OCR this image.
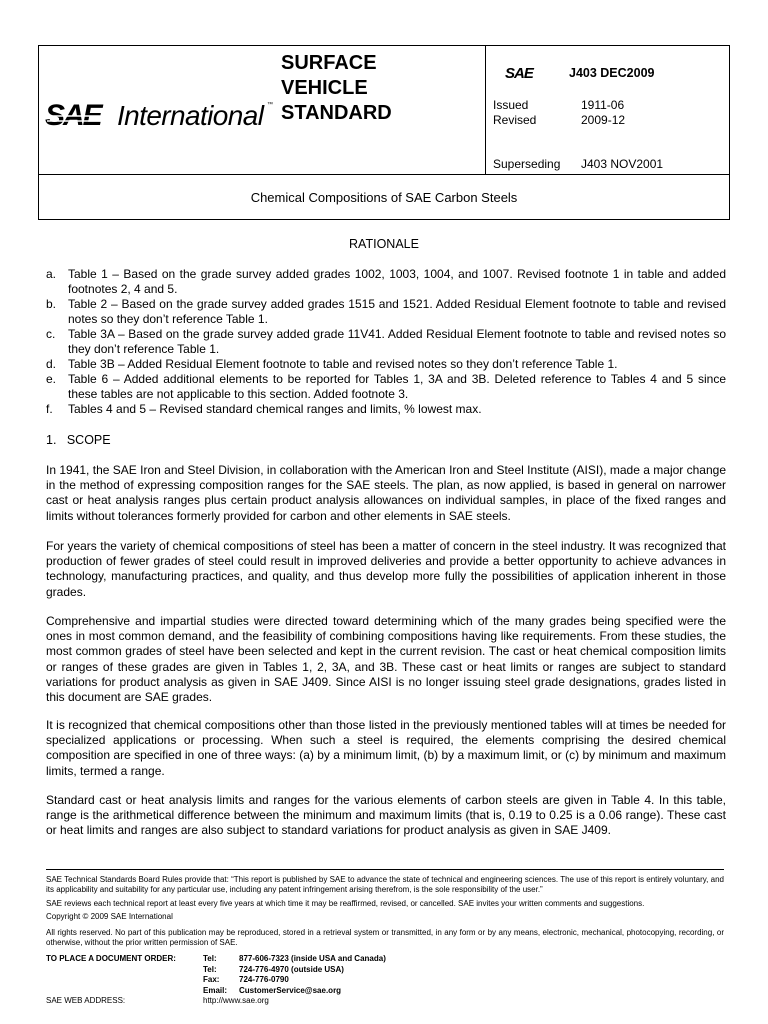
SAE International ™
SURFACE
VEHICLE
STANDARD
SAE	J403 DEC2009
Issued	1911-06
Revised	2009-12
Superseding J403 NOV2001
Chemical Compositions of SAE Carbon Steels
RATIONALE
a. Table 1 – Based on the grade survey added grades 1002, 1003, 1004, and 1007. Revised footnote 1 in table and added footnotes 2, 4 and 5.
b. Table 2 – Based on the grade survey added grades 1515 and 1521. Added Residual Element footnote to table and revised notes so they don’t reference Table 1.
c.	Table 3A – Based on the grade survey added grade 11V41. Added Residual Element footnote to table and revised notes so they don’t reference Table 1.
d. Table 3B – Added Residual Element footnote to table and revised notes so they don’t reference Table 1.
e. Table 6 – Added additional elements to be reported for Tables 1, 3A and 3B. Deleted reference to Tables 4 and 5 since these tables are not applicable to this section. Added footnote 3.
f.	Tables 4 and 5 – Revised standard chemical ranges and limits, % lowest max.
1.   SCOPE
In 1941, the SAE Iron and Steel Division, in collaboration with the American Iron and Steel Institute (AISI), made a major change in the method of expressing composition ranges for the SAE steels. The plan, as now applied, is based in general on narrower cast or heat analysis ranges plus certain product analysis allowances on individual samples, in place of the fixed ranges and limits without tolerances formerly provided for carbon and other elements in SAE steels.
For years the variety of chemical compositions of steel has been a matter of concern in the steel industry. It was recognized that production of fewer grades of steel could result in improved deliveries and provide a better opportunity to achieve advances in technology, manufacturing practices, and quality, and thus develop more fully the possibilities of application inherent in those grades.
Comprehensive and impartial studies were directed toward determining which of the many grades being specified were the ones in most common demand, and the feasibility of combining compositions having like requirements. From these studies, the most common grades of steel have been selected and kept in the current revision. The cast or heat chemical composition limits or ranges of these grades are given in Tables 1, 2, 3A, and 3B. These cast or heat limits or ranges are subject to standard variations for product analysis as given in SAE J409. Since AISI is no longer issuing steel grade designations, grades listed in this document are SAE grades.
It is recognized that chemical compositions other than those listed in the previously mentioned tables will at times be needed for specialized applications or processing. When such a steel is required, the elements comprising the desired chemical composition are specified in one of three ways: (a) by a minimum limit, (b) by a maximum limit, or (c) by minimum and maximum limits, termed a range.
Standard cast or heat analysis limits and ranges for the various elements of carbon steels are given in Table 4. In this table, range is the arithmetical difference between the minimum and maximum limits (that is, 0.19 to 0.25 is a 0.06 range). These cast or heat limits and ranges are also subject to standard variations for product analysis as given in SAE J409.
SAE Technical Standards Board Rules provide that: “This report is published by SAE to advance the state of technical and engineering sciences. The use of this report is entirely voluntary, and its applicability and suitability for any particular use, including any patent infringement arising therefrom, is the sole responsibility of the user.”
SAE reviews each technical report at least every five years at which time it may be reaffirmed, revised, or cancelled. SAE invites your written comments and suggestions.
Copyright © 2009 SAE International
All rights reserved. No part of this publication may be reproduced, stored in a retrieval system or transmitted, in any form or by any means, electronic, mechanical, photocopying, recording, or otherwise, without the prior written permission of SAE.
TO PLACE A DOCUMENT ORDER:	Tel:	877-606-7323 (inside USA and Canada)
Tel:	724-776-4970 (outside USA)
Fax: 724-776-0790
Email: CustomerService@sae.org
SAE WEB ADDRESS:	http://www.sae.org
